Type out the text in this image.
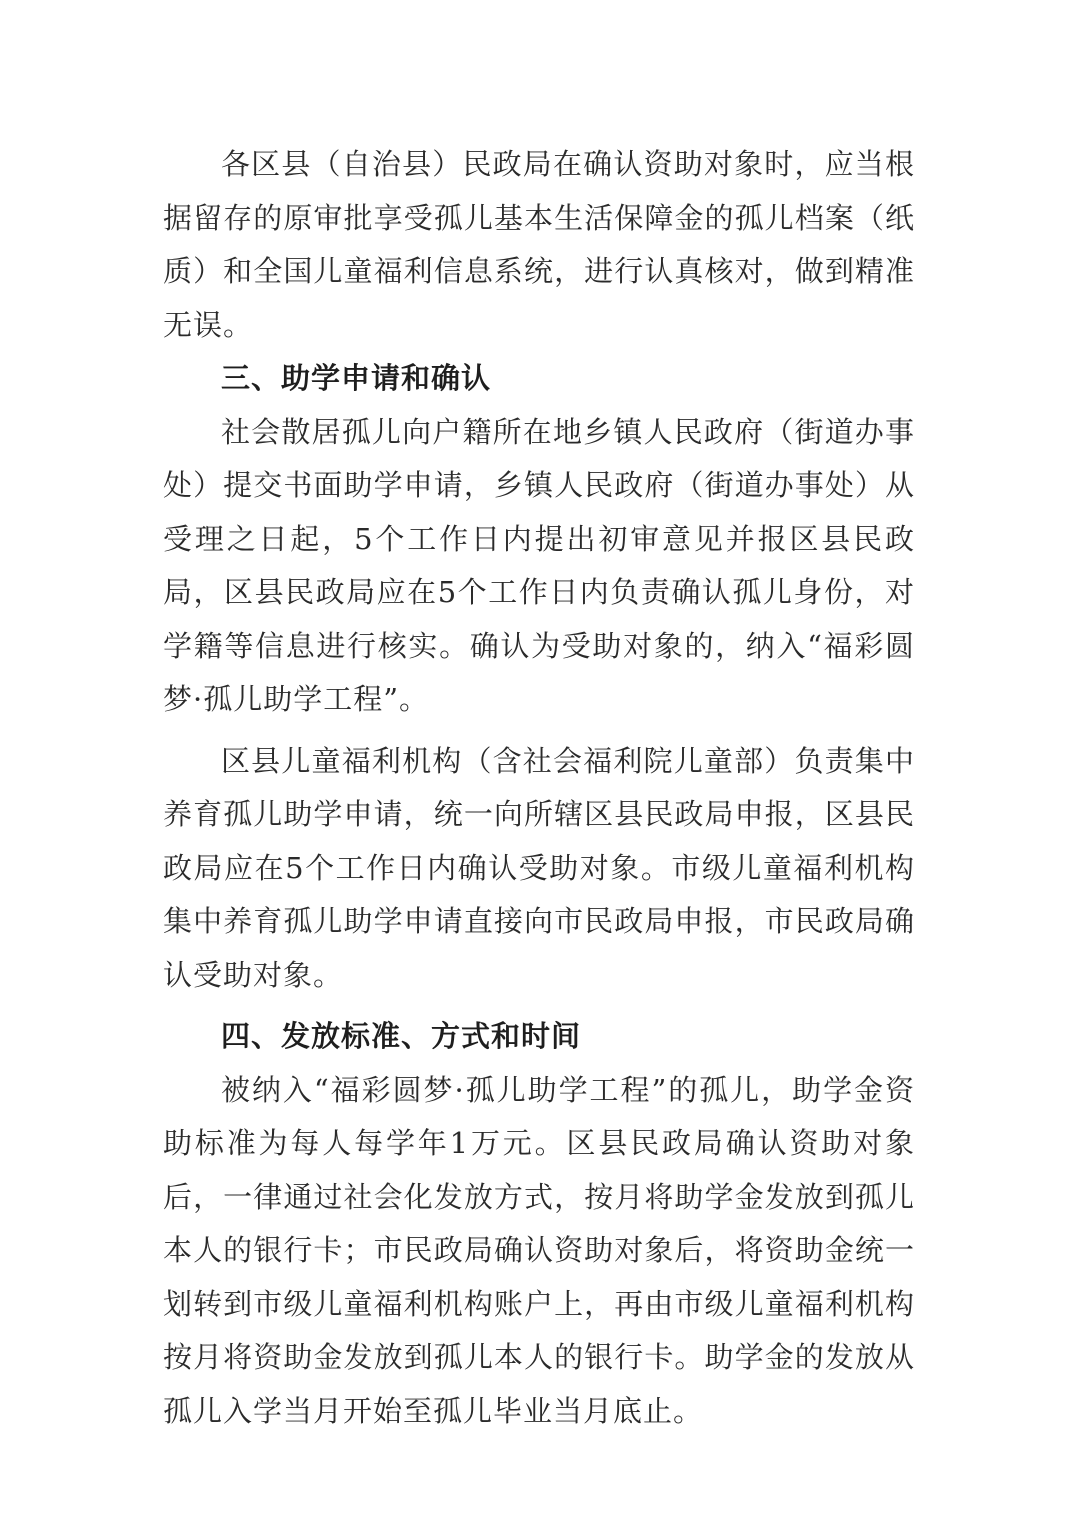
各区县（自治县）民政局在确认资助对象时，应当根据留存的原审批享受孤儿基本生活保障金的孤儿档案（纸质）和全国儿童福利信息系统，进行认真核对，做到精准无误。

三、助学申请和确认

社会散居孤儿向户籍所在地乡镇人民政府（街道办事处）提交书面助学申请，乡镇人民政府（街道办事处）从受理之日起，5个工作日内提出初审意见并报区县民政局，区县民政局应在5个工作日内负责确认孤儿身份，对学籍等信息进行核实。确认为受助对象的，纳入“福彩圆梦·孤儿助学工程”。

区县儿童福利机构（含社会福利院儿童部）负责集中养育孤儿助学申请，统一向所辖区县民政局申报，区县民政局应在5个工作日内确认受助对象。市级儿童福利机构集中养育孤儿助学申请直接向市民政局申报，市民政局确认受助对象。

四、发放标准、方式和时间

被纳入“福彩圆梦·孤儿助学工程”的孤儿，助学金资助标准为每人每学年1万元。区县民政局确认资助对象后，一律通过社会化发放方式，按月将助学金发放到孤儿本人的银行卡；市民政局确认资助对象后，将资助金统一划转到市级儿童福利机构账户上，再由市级儿童福利机构按月将资助金发放到孤儿本人的银行卡。助学金的发放从孤儿入学当月开始至孤儿毕业当月底止。
